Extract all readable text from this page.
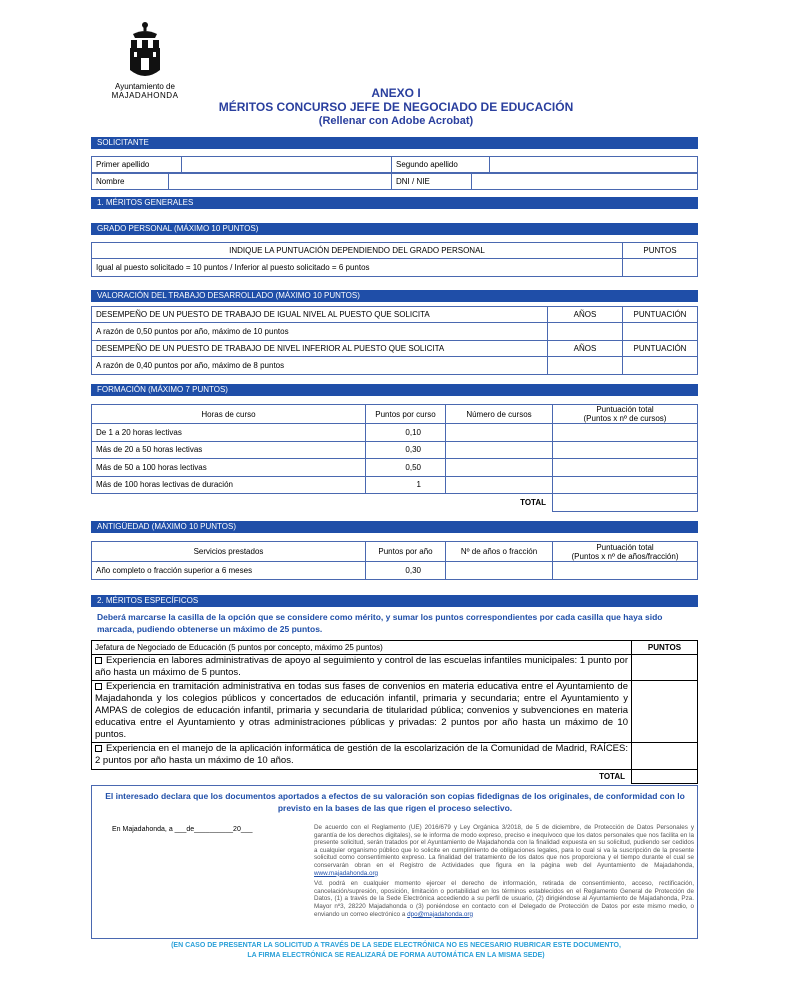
Ayuntamiento de
MAJADAHONDA	ANEXO I
MÉRITOS CONCURSO JEFE DE NEGOCIADO DE EDUCACIÓN
(Rellenar con Adobe Acrobat)
SOLICITANTE
Primer apellido		Segundo apellido	
Nombre		DNI / NIE	
1. MÉRITOS GENERALES
GRADO PERSONAL (MÁXIMO 10 PUNTOS)
INDIQUE LA PUNTUACIÓN DEPENDIENDO DEL GRADO PERSONAL	PUNTOS
Igual al puesto solicitado = 10 puntos / Inferior al puesto solicitado = 6 puntos	
VALORACIÓN DEL TRABAJO DESARROLLADO (MÁXIMO 10 PUNTOS)
DESEMPEÑO DE UN PUESTO DE TRABAJO DE IGUAL NIVEL AL PUESTO QUE SOLICITA	AÑOS	PUNTUACIÓN
A razón de 0,50 puntos por año, máximo de 10 puntos		
DESEMPEÑO DE UN PUESTO DE TRABAJO DE NIVEL INFERIOR AL PUESTO QUE SOLICITA	AÑOS	PUNTUACIÓN
A razón de 0,40 puntos por año, máximo de 8 puntos		
FORMACIÓN (MÁXIMO 7 PUNTOS)
Horas de curso	Puntos por curso	Número de cursos	Puntuación total
(Puntos x nº de cursos)

De 1 a 20 horas lectivas	0,10		
Más de 20 a 50 horas lectivas	0,30		
Más de 50 a 100 horas lectivas	0,50		
Más de 100 horas lectivas de duración	1		
TOTAL			
ANTIGÜEDAD (MÁXIMO 10 PUNTOS)
Servicios prestados	Puntos por año	Nº de años o fracción	Puntuación total
(Puntos x nº de años/fracción)

Año completo o fracción superior a 6 meses	0,30		
2. MÉRITOS ESPECÍFICOS
Deberá marcarse la casilla de la opción que se considere como mérito, y sumar los puntos correspondientes por cada casilla que haya sido marcada, pudiendo obtenerse un máximo de 25 puntos.
Jefatura de Negociado de Educación (5 puntos por concepto, máximo 25 puntos)	PUNTOS
Experiencia en labores administrativas de apoyo al seguimiento y control de las escuelas infantiles municipales: 1 punto por año hasta un máximo de 5 puntos.	
Experiencia en tramitación administrativa en todas sus fases de convenios en materia educativa entre el Ayuntamiento de Majadahonda y los colegios públicos y concertados de educación infantil, primaria y secundaria; entre el Ayuntamiento y AMPAS de colegios de educación infantil, primaria y secundaria de titularidad pública; convenios y subvenciones en materia educativa entre el Ayuntamiento y otras administraciones públicas y privadas: 2 puntos por año hasta un máximo de 10 puntos.	
Experiencia en el manejo de la aplicación informática de gestión de la escolarización de la Comunidad de Madrid, RAÍCES: 2 puntos por año hasta un máximo de 10 años.	
TOTAL	
El interesado declara que los documentos aportados a efectos de su valoración son copias fidedignas de los originales, de conformidad con lo previsto en la bases de las que rigen el proceso selectivo.
En Majadahonda, a ___de__________20___	De acuerdo con el Reglamento (UE) 2016/679 y Ley Orgánica 3/2018, de 5 de diciembre, de Protección de Datos Personales y garantía de los derechos digitales), se le informa de modo expreso, preciso e inequívoco que los datos personales que nos facilita en la presente solicitud, serán tratados por el Ayuntamiento de Majadahonda con la finalidad expuesta en su solicitud, pudiendo ser cedidos a cualquier organismo público que lo solicite en cumplimiento de obligaciones legales, para lo cual si va la suscripción de la presente solicitud como consentimiento expreso. La finalidad del tratamiento de los datos que nos proporciona y el tiempo durante el cual se conservarán obran en el Registro de Actividades que figura en la página web del Ayuntamiento de Majadahonda, www.majadahonda.org

Vd. podrá en cualquier momento ejercer el derecho de información, retirada de consentimiento, acceso, rectificación, cancelación/supresión, oposición, limitación o portabilidad en los términos establecidos en el Reglamento General de Protección de Datos, (1) a través de la Sede Electrónica accediendo a su perfil de usuario, (2) dirigiéndose al Ayuntamiento de Majadahonda, Pza. Mayor nº3, 28220 Majadahonda o (3) poniéndose en contacto con el Delegado de Protección de Datos por este mismo medio, o enviando un correo electrónico a dpo@majadahonda.org

(EN CASO DE PRESENTAR LA SOLICITUD A TRAVÉS DE LA SEDE ELECTRÓNICA NO ES NECESARIO RUBRICAR ESTE DOCUMENTO,
LA FIRMA ELECTRÓNICA SE REALIZARÁ DE FORMA AUTOMÁTICA EN LA MISMA SEDE)
